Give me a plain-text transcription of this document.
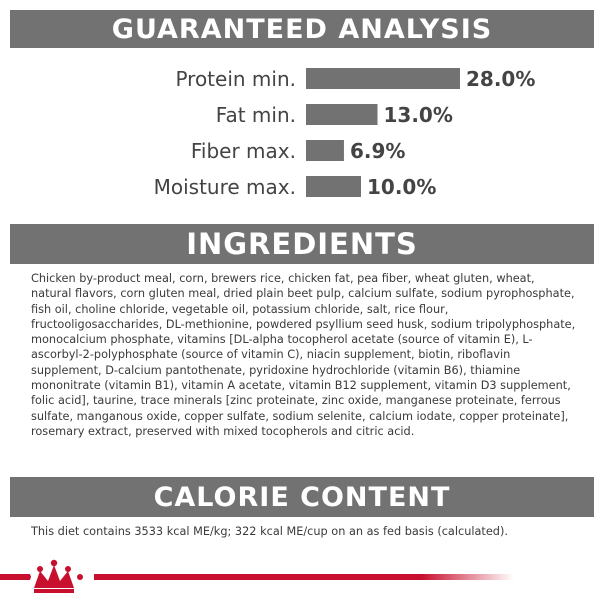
GUARANTEED ANALYSIS
Protein min.	28.0%
Fat min.	13.0%
Fiber max.	6.9%
Moisture max.	10.0%
INGREDIENTS
Chicken by-product meal, corn, brewers rice, chicken fat, pea fiber, wheat gluten, wheat, natural flavors, corn gluten meal, dried plain beet pulp, calcium sulfate, sodium pyrophosphate, fish oil, choline chloride, vegetable oil, potassium chloride, salt, rice flour, fructooligosaccharides, DL-methionine, powdered psyllium seed husk, sodium tripolyphosphate, monocalcium phosphate, vitamins [DL-alpha tocopherol acetate (source of vitamin E), L-ascorbyl-2-polyphosphate (source of vitamin C), niacin supplement, biotin, riboflavin supplement, D-calcium pantothenate, pyridoxine hydrochloride (vitamin B6), thiamine mononitrate (vitamin B1), vitamin A acetate, vitamin B12 supplement, vitamin D3 supplement, folic acid], taurine, trace minerals [zinc proteinate, zinc oxide, manganese proteinate, ferrous sulfate, manganous oxide, copper sulfate, sodium selenite, calcium iodate, copper proteinate], rosemary extract, preserved with mixed tocopherols and citric acid.
CALORIE CONTENT
This diet contains 3533 kcal ME/kg; 322 kcal ME/cup on an as fed basis (calculated).
